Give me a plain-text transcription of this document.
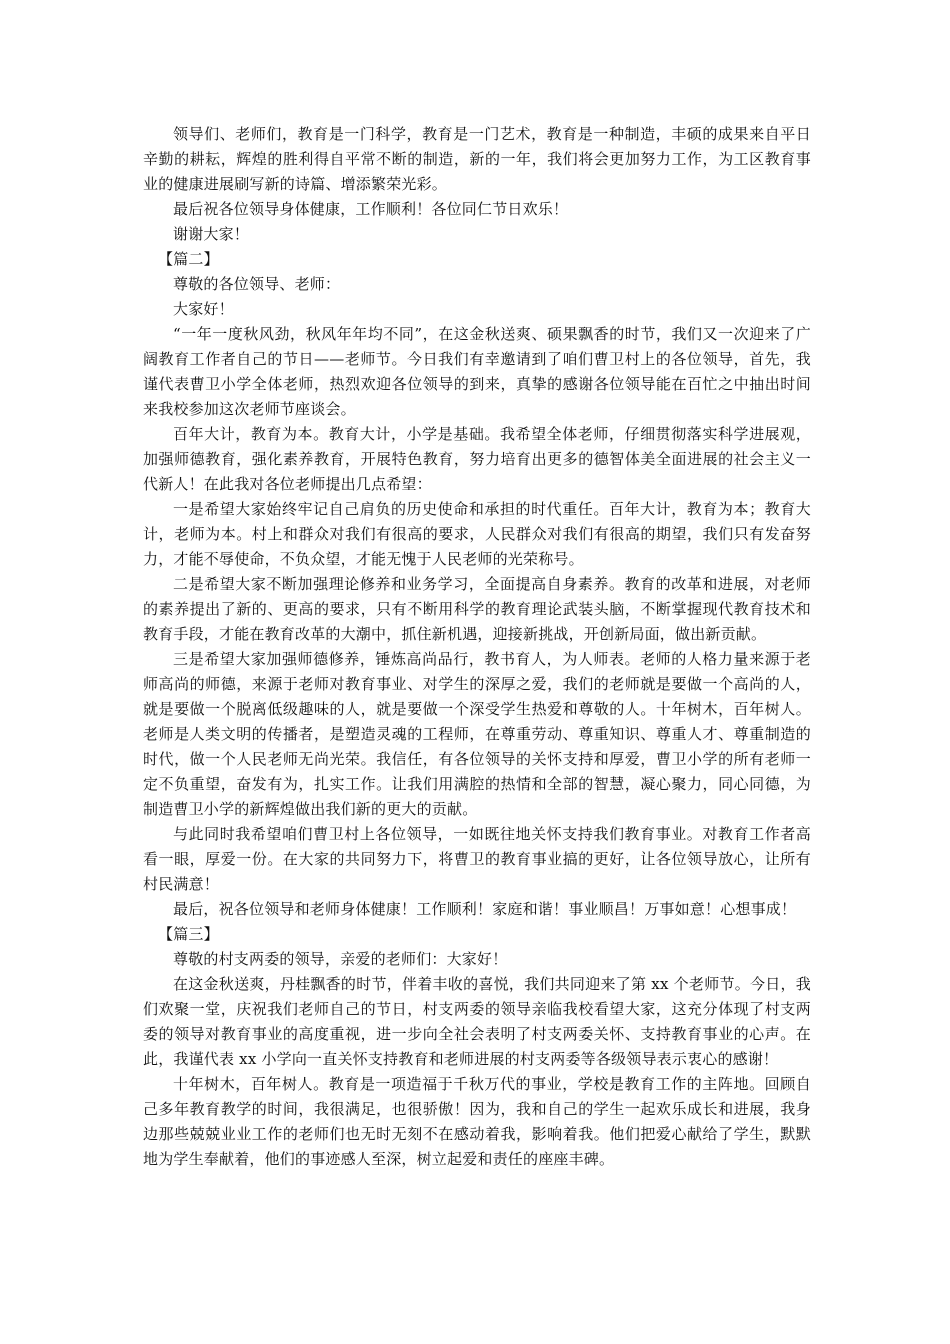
领导们、老师们，教育是一门科学，教育是一门艺术，教育是一种制造，丰硕的成果来自平日辛勤的耕耘，辉煌的胜利得自平常不断的制造，新的一年，我们将会更加努力工作，为工区教育事业的健康进展刷写新的诗篇、增添繁荣光彩。

最后祝各位领导身体健康，工作顺利！各位同仁节日欢乐！

谢谢大家！

【篇二】

尊敬的各位领导、老师：

大家好！

“一年一度秋风劲，秋风年年均不同”，在这金秋送爽、硕果飘香的时节，我们又一次迎来了广阔教育工作者自己的节日——老师节。今日我们有幸邀请到了咱们曹卫村上的各位领导，首先，我谨代表曹卫小学全体老师，热烈欢迎各位领导的到来，真挚的感谢各位领导能在百忙之中抽出时间来我校参加这次老师节座谈会。

百年大计，教育为本。教育大计，小学是基础。我希望全体老师，仔细贯彻落实科学进展观，加强师德教育，强化素养教育，开展特色教育，努力培育出更多的德智体美全面进展的社会主义一代新人！在此我对各位老师提出几点希望：

一是希望大家始终牢记自己肩负的历史使命和承担的时代重任。百年大计，教育为本；教育大计，老师为本。村上和群众对我们有很高的要求，人民群众对我们有很高的期望，我们只有发奋努力，才能不辱使命，不负众望，才能无愧于人民老师的光荣称号。

二是希望大家不断加强理论修养和业务学习，全面提高自身素养。教育的改革和进展，对老师的素养提出了新的、更高的要求，只有不断用科学的教育理论武装头脑，不断掌握现代教育技术和教育手段，才能在教育改革的大潮中，抓住新机遇，迎接新挑战，开创新局面，做出新贡献。

三是希望大家加强师德修养，锤炼高尚品行，教书育人，为人师表。老师的人格力量来源于老师高尚的师德，来源于老师对教育事业、对学生的深厚之爱，我们的老师就是要做一个高尚的人，就是要做一个脱离低级趣味的人，就是要做一个深受学生热爱和尊敬的人。十年树木，百年树人。老师是人类文明的传播者，是塑造灵魂的工程师，在尊重劳动、尊重知识、尊重人才、尊重制造的时代，做一个人民老师无尚光荣。我信任，有各位领导的关怀支持和厚爱，曹卫小学的所有老师一定不负重望，奋发有为，扎实工作。让我们用满腔的热情和全部的智慧，凝心聚力，同心同德，为制造曹卫小学的新辉煌做出我们新的更大的贡献。

与此同时我希望咱们曹卫村上各位领导，一如既往地关怀支持我们教育事业。对教育工作者高看一眼，厚爱一份。在大家的共同努力下，将曹卫的教育事业搞的更好，让各位领导放心，让所有村民满意！

最后，祝各位领导和老师身体健康！工作顺利！家庭和谐！事业顺昌！万事如意！心想事成！

【篇三】

尊敬的村支两委的领导，亲爱的老师们：大家好！

在这金秋送爽，丹桂飘香的时节，伴着丰收的喜悦，我们共同迎来了第 xx 个老师节。今日，我们欢聚一堂，庆祝我们老师自己的节日，村支两委的领导亲临我校看望大家，这充分体现了村支两委的领导对教育事业的高度重视，进一步向全社会表明了村支两委关怀、支持教育事业的心声。在此，我谨代表 xx 小学向一直关怀支持教育和老师进展的村支两委等各级领导表示衷心的感谢！

十年树木，百年树人。教育是一项造福于千秋万代的事业，学校是教育工作的主阵地。回顾自己多年教育教学的时间，我很满足，也很骄傲！因为，我和自己的学生一起欢乐成长和进展，我身边那些兢兢业业工作的老师们也无时无刻不在感动着我，影响着我。他们把爱心献给了学生，默默地为学生奉献着，他们的事迹感人至深，树立起爱和责任的座座丰碑。
